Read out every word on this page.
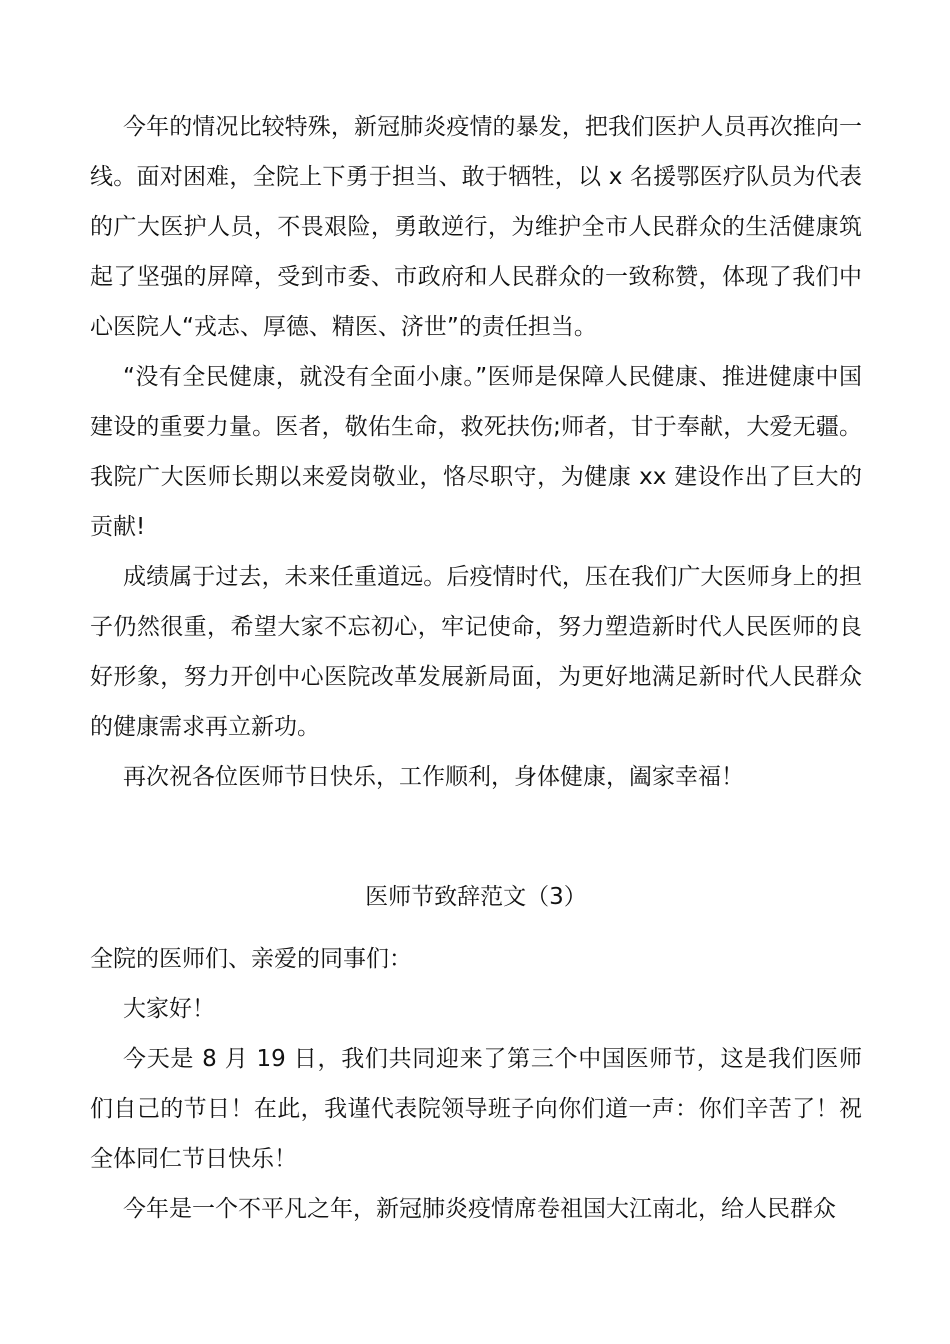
今年的情况比较特殊，新冠肺炎疫情的暴发，把我们医护人员再次推向一线。面对困难，全院上下勇于担当、敢于牺牲，以 x 名援鄂医疗队员为代表的广大医护人员，不畏艰险，勇敢逆行，为维护全市人民群众的生活健康筑起了坚强的屏障，受到市委、市政府和人民群众的一致称赞，体现了我们中心医院人“戎志、厚德、精医、济世”的责任担当。

“没有全民健康，就没有全面小康。”医师是保障人民健康、推进健康中国建设的重要力量。医者，敬佑生命，救死扶伤;师者，甘于奉献，大爱无疆。我院广大医师长期以来爱岗敬业，恪尽职守，为健康 xx 建设作出了巨大的贡献!

成绩属于过去，未来任重道远。后疫情时代，压在我们广大医师身上的担子仍然很重，希望大家不忘初心，牢记使命，努力塑造新时代人民医师的良好形象，努力开创中心医院改革发展新局面，为更好地满足新时代人民群众的健康需求再立新功。

再次祝各位医师节日快乐，工作顺利，身体健康，阖家幸福！

医师节致辞范文（3）

全院的医师们、亲爱的同事们：

大家好！

今天是 8 月 19 日，我们共同迎来了第三个中国医师节，这是我们医师们自己的节日！在此，我谨代表院领导班子向你们道一声：你们辛苦了！祝全体同仁节日快乐！

今年是一个不平凡之年，新冠肺炎疫情席卷祖国大江南北，给人民群众
